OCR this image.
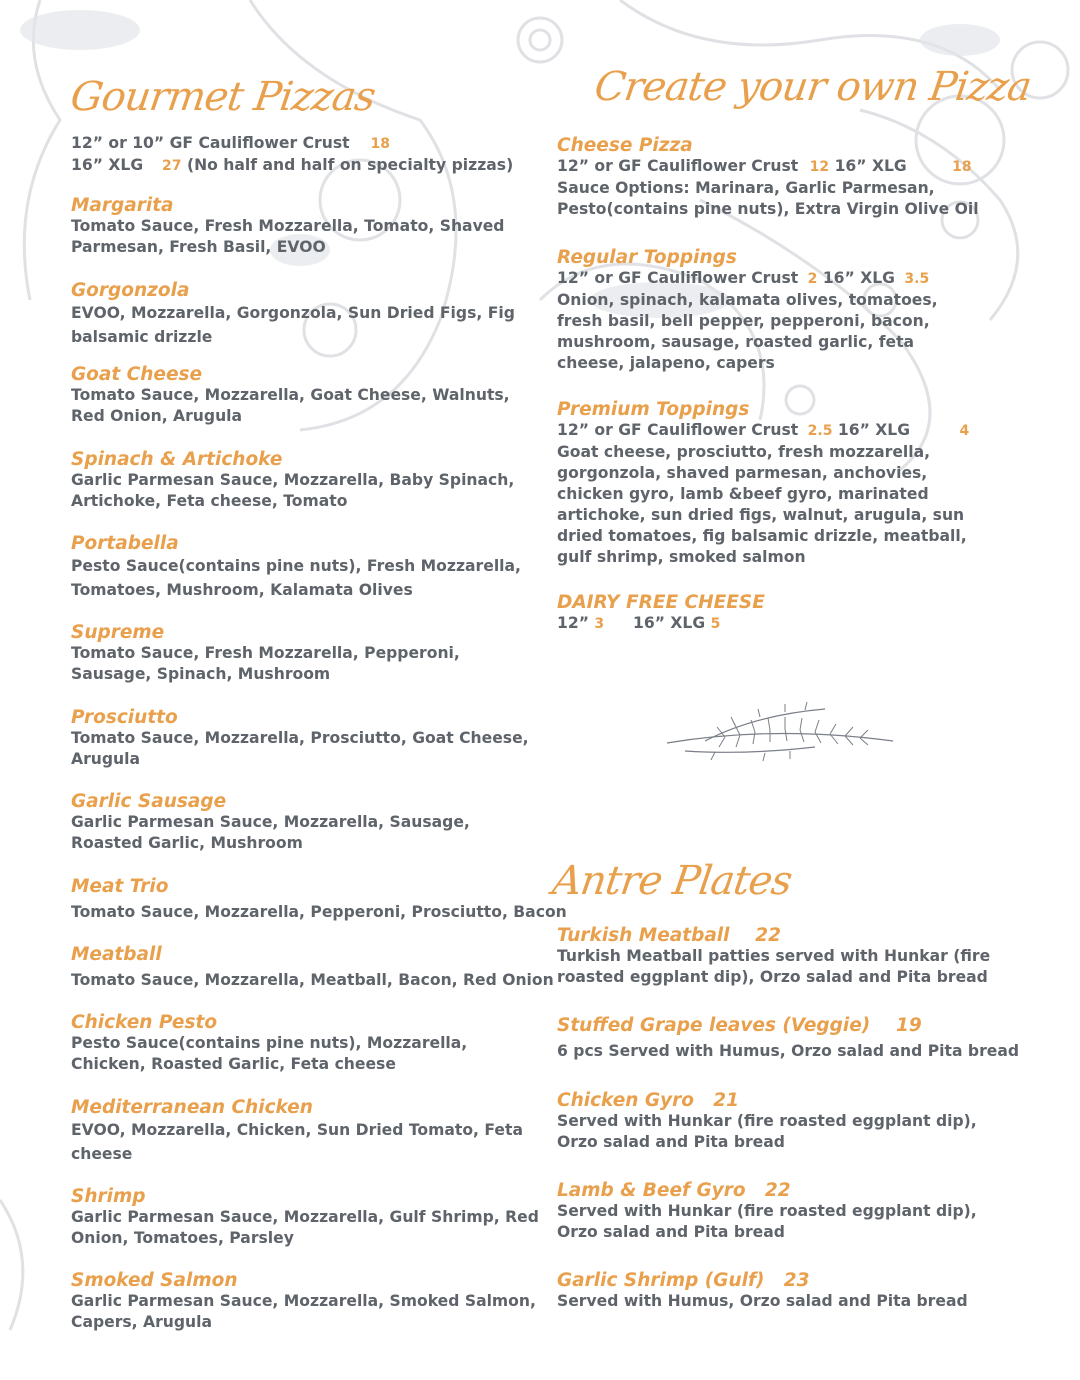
Gourmet Pizzas
12” or 10” GF Cauliflower Crust 18
16” XLG 27 (No half and half on specialty pizzas)
Margarita
Tomato Sauce, Fresh Mozzarella, Tomato, Shaved Parmesan, Fresh Basil, EVOO
Gorgonzola
EVOO, Mozzarella, Gorgonzola, Sun Dried Figs, Fig balsamic drizzle
Goat Cheese
Tomato Sauce, Mozzarella, Goat Cheese, Walnuts, Red Onion, Arugula
Spinach & Artichoke
Garlic Parmesan Sauce, Mozzarella, Baby Spinach, Artichoke, Feta cheese, Tomato
Portabella
Pesto Sauce(contains pine nuts), Fresh Mozzarella, Tomatoes, Mushroom, Kalamata Olives
Supreme
Tomato Sauce, Fresh Mozzarella, Pepperoni, Sausage, Spinach, Mushroom
Prosciutto
Tomato Sauce, Mozzarella, Prosciutto, Goat Cheese, Arugula
Garlic Sausage
Garlic Parmesan Sauce, Mozzarella, Sausage, Roasted Garlic, Mushroom
Meat Trio
Tomato Sauce, Mozzarella, Pepperoni, Prosciutto, Bacon
Meatball
Tomato Sauce, Mozzarella, Meatball, Bacon, Red Onion
Chicken Pesto
Pesto Sauce(contains pine nuts), Mozzarella, Chicken, Roasted Garlic, Feta cheese
Mediterranean Chicken
EVOO, Mozzarella, Chicken, Sun Dried Tomato, Feta cheese
Shrimp
Garlic Parmesan Sauce, Mozzarella, Gulf Shrimp, Red Onion, Tomatoes, Parsley
Smoked Salmon
Garlic Parmesan Sauce, Mozzarella, Smoked Salmon, Capers, Arugula
Create your own Pizza
Cheese Pizza
12” or GF Cauliflower Crust 12 16” XLG	18
Sauce Options: Marinara, Garlic Parmesan, Pesto(contains pine nuts), Extra Virgin Olive Oil
Regular Toppings
12” or GF Cauliflower Crust 2 16” XLG 3.5
Onion, spinach, kalamata olives, tomatoes, fresh basil, bell pepper, pepperoni, bacon, mushroom, sausage, roasted garlic, feta cheese, jalapeno, capers
Premium Toppings
12” or GF Cauliflower Crust 2.5 16” XLG	4
Goat cheese, prosciutto, fresh mozzarella, gorgonzola, shaved parmesan, anchovies, chicken gyro, lamb &beef gyro, marinated artichoke, sun dried figs, walnut, arugula, sun dried tomatoes, fig balsamic drizzle, meatball, gulf shrimp, smoked salmon
DAIRY FREE CHEESE
12” 3 16” XLG 5
Antre Plates
Turkish Meatball 22
Turkish Meatball patties served with Hunkar (fire roasted eggplant dip), Orzo salad and Pita bread
Stuffed Grape leaves (Veggie) 19
6 pcs Served with Humus, Orzo salad and Pita bread
Chicken Gyro 21
Served with Hunkar (fire roasted eggplant dip), Orzo salad and Pita bread
Lamb & Beef Gyro 22
Served with Hunkar (fire roasted eggplant dip), Orzo salad and Pita bread
Garlic Shrimp (Gulf) 23
Served with Humus, Orzo salad and Pita bread
